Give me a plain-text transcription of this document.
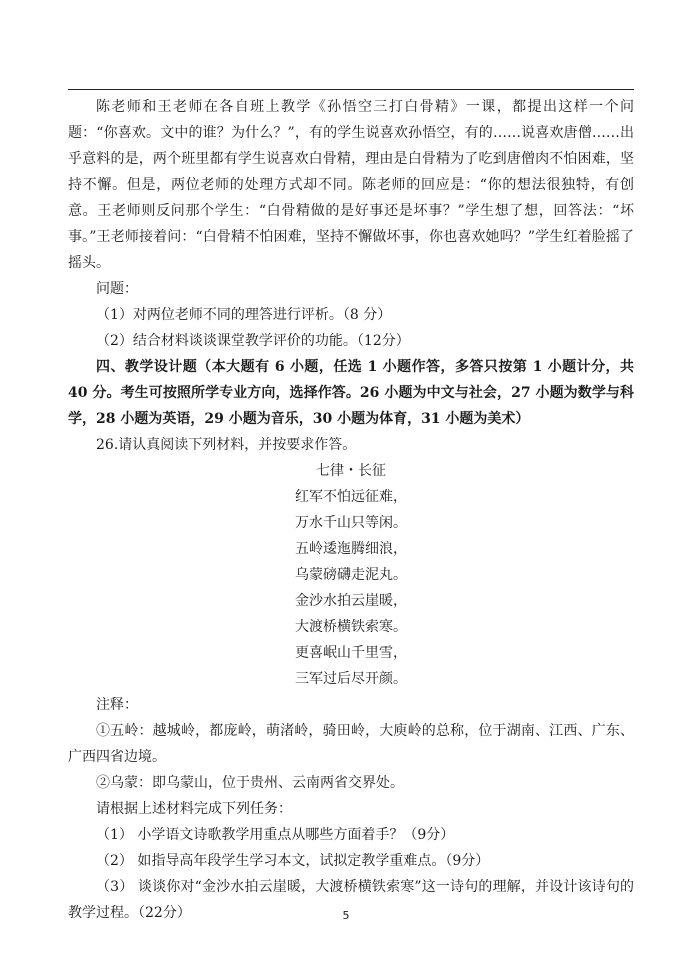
陈老师和王老师在各自班上教学《孙悟空三打白骨精》一课，都提出这样一个问题：“你喜欢。文中的谁？为什么？”，有的学生说喜欢孙悟空，有的……说喜欢唐僧……出乎意料的是，两个班里都有学生说喜欢白骨精，理由是白骨精为了吃到唐僧肉不怕困难，坚持不懈。但是，两位老师的处理方式却不同。陈老师的回应是：“你的想法很独特，有创意。王老师则反问那个学生：“白骨精做的是好事还是坏事？”学生想了想，回答法：“坏事。”王老师接着问：“白骨精不怕困难，坚持不懈做坏事，你也喜欢她吗？”学生红着脸摇了摇头。

问题：

（1）对两位老师不同的理答进行评析。（8 分）

（2）结合材料谈谈课堂教学评价的功能。（12分）

四、教学设计题（本大题有 6 小题，任选 1 小题作答，多答只按第 1 小题计分，共 40 分。考生可按照所学专业方向，选择作答。26 小题为中文与社会，27 小题为数学与科学，28 小题为英语，29 小题为音乐，30 小题为体育，31 小题为美术）

26.请认真阅读下列材料，并按要求作答。

七律・长征

红军不怕远征难，

万水千山只等闲。

五岭逶迤腾细浪，

乌蒙磅礴走泥丸。

金沙水拍云崖暖，

大渡桥横铁索寒。

更喜岷山千里雪，

三军过后尽开颜。

注释：

①五岭：越城岭，都庞岭，萌渚岭，骑田岭，大庾岭的总称，位于湖南、江西、广东、广西四省边境。

②乌蒙：即乌蒙山，位于贵州、云南两省交界处。

请根据上述材料完成下列任务：

（1） 小学语文诗歌教学用重点从哪些方面着手？（9分）

（2） 如指导高年段学生学习本文，试拟定教学重难点。（9分）

（3） 谈谈你对“金沙水拍云崖暖，大渡桥横铁索寒”这一诗句的理解，并设计该诗句的教学过程。（22分）	5
